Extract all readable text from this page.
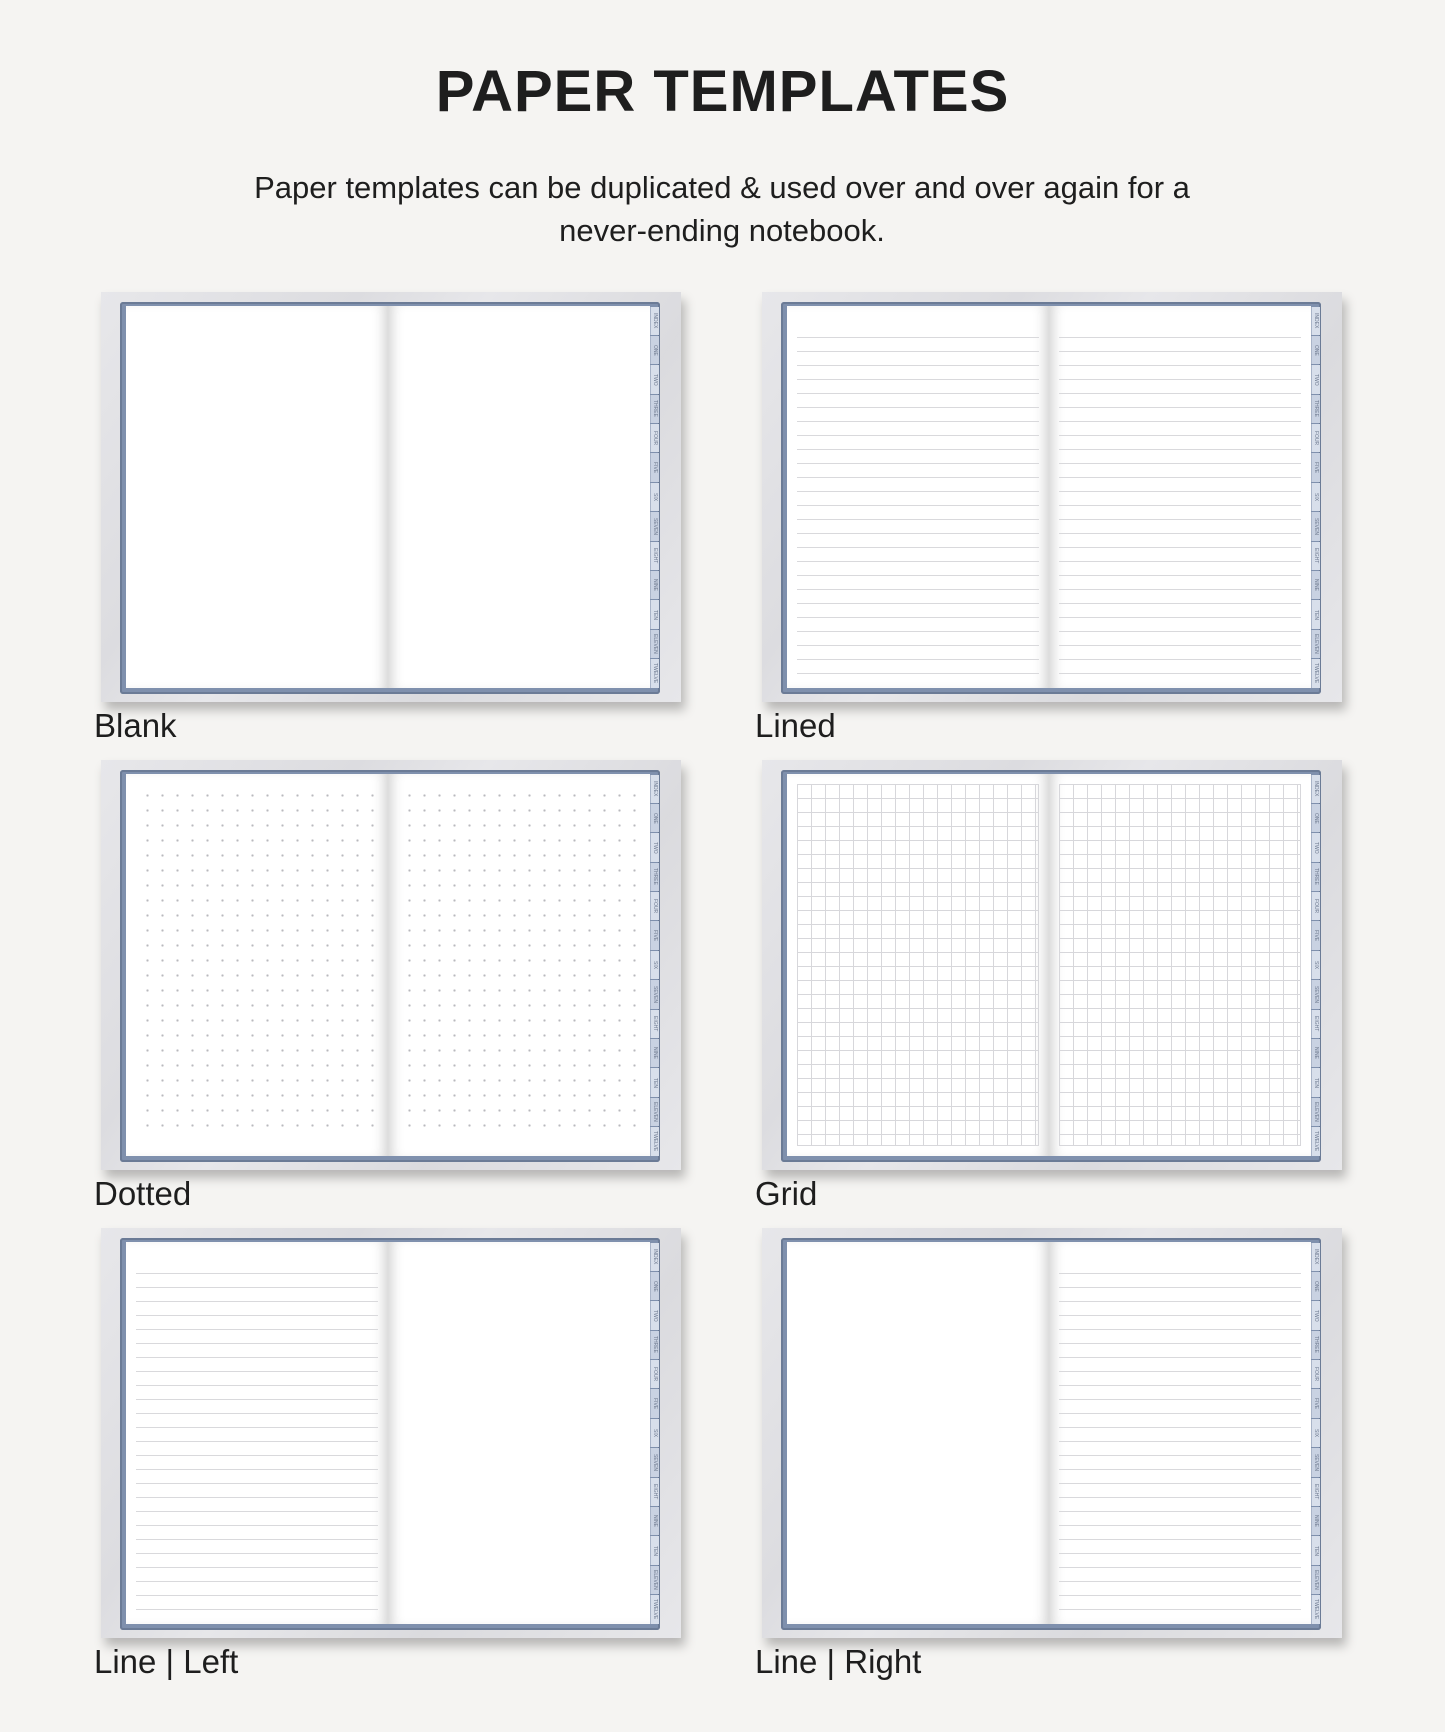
PAPER TEMPLATES

Paper templates can be duplicated & used over and over again for a
never-ending notebook.

INDEX
ONE
TWO
THREE
FOUR
FIVE
SIX
SEVEN
EIGHT
NINE
TEN
ELEVEN
TWELVE
Blank
INDEX
ONE
TWO
THREE
FOUR
FIVE
SIX
SEVEN
EIGHT
NINE
TEN
ELEVEN
TWELVE
Lined
INDEX
ONE
TWO
THREE
FOUR
FIVE
SIX
SEVEN
EIGHT
NINE
TEN
ELEVEN
TWELVE
Dotted
INDEX
ONE
TWO
THREE
FOUR
FIVE
SIX
SEVEN
EIGHT
NINE
TEN
ELEVEN
TWELVE
Grid
INDEX
ONE
TWO
THREE
FOUR
FIVE
SIX
SEVEN
EIGHT
NINE
TEN
ELEVEN
TWELVE
Line | Left
INDEX
ONE
TWO
THREE
FOUR
FIVE
SIX
SEVEN
EIGHT
NINE
TEN
ELEVEN
TWELVE
Line | Right
